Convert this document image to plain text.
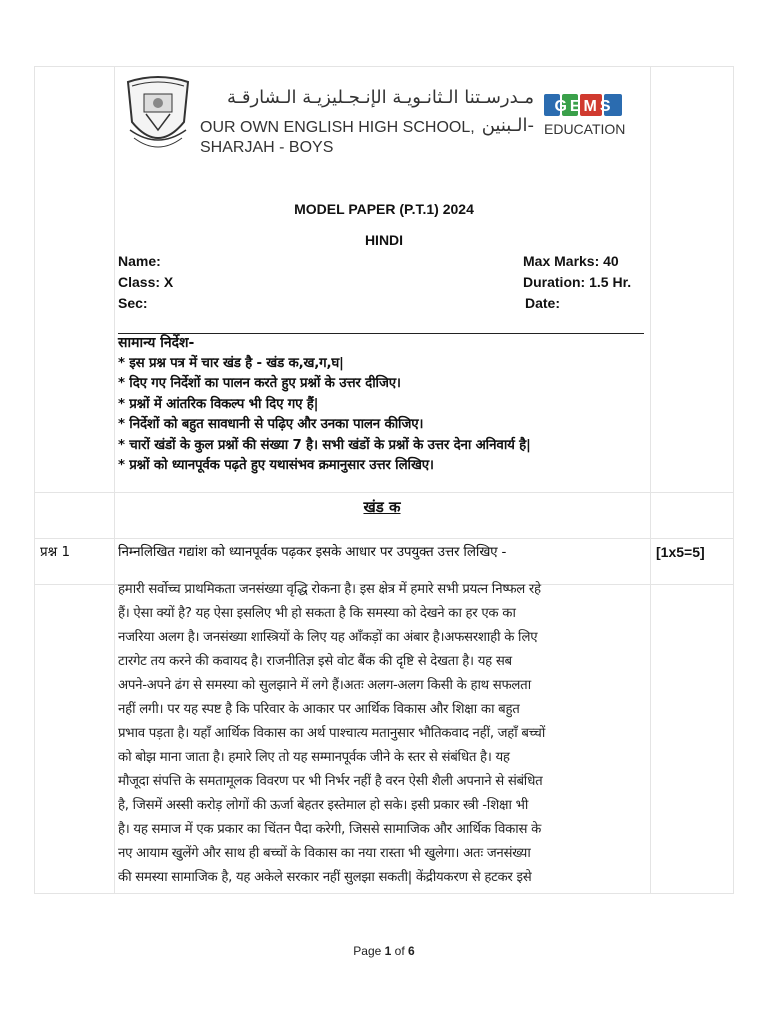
مـدرسـتنا الـثانـويـة الإنـجـليزيـة الـشارقـة -الـبنين
OUR OWN ENGLISH HIGH SCHOOL, SHARJAH - BOYS
GEMS
EDUCATION
MODEL PAPER (P.T.1) 2024
HINDI
Name:
Class: X
Sec:
Max Marks: 40
Duration: 1.5 Hr.
Date:
सामान्य निर्देश-
* इस प्रश्न पत्र में चार खंड है - खंड क,ख,ग,घ|
* दिए गए निर्देशों का पालन करते हुए प्रश्नों के उत्तर दीजिए।
* प्रश्नों में आंतरिक विकल्प भी दिए गए हैं|
* निर्देशों को बहुत सावधानी से पढ़िए और उनका पालन कीजिए।
* चारों खंडों के कुल प्रश्नों की संख्या 7 है। सभी खंडों के प्रश्नों के उत्तर देना अनिवार्य है|
* प्रश्नों को ध्यानपूर्वक पढ़ते हुए यथासंभव क्रमानुसार उत्तर लिखिए।
खंड क
प्रश्न 1	निम्नलिखित गद्यांश को ध्यानपूर्वक पढ़कर इसके आधार पर उपयुक्त उत्तर लिखिए -	[1x5=5]
हमारी सर्वोच्च प्राथमिकता जनसंख्या वृद्धि रोकना है। इस क्षेत्र में हमारे सभी प्रयत्न निष्फल रहे
हैं। ऐसा क्यों है? यह ऐसा इसलिए भी हो सकता है कि समस्या को देखने का हर एक का
नजरिया अलग है। जनसंख्या शास्त्रियों के लिए यह आँकड़ों का अंबार है।अफसरशाही के लिए
टारगेट तय करने की कवायद है। राजनीतिज्ञ इसे वोट बैंक की दृष्टि से देखता है। यह सब
अपने-अपने ढंग से समस्या को सुलझाने में लगे हैं।अतः अलग-अलग किसी के हाथ सफलता
नहीं लगी। पर यह स्पष्ट है कि परिवार के आकार पर आर्थिक विकास और शिक्षा का बहुत
प्रभाव पड़ता है। यहाँ आर्थिक विकास का अर्थ पाश्चात्य मतानुसार भौतिकवाद नहीं, जहाँ बच्चों
को बोझ माना जाता है। हमारे लिए तो यह सम्मानपूर्वक जीने के स्तर से संबंधित है। यह
मौजूदा संपत्ति के समतामूलक विवरण पर भी निर्भर नहीं है वरन ऐसी शैली अपनाने से संबंधित
है, जिसमें अस्सी करोड़ लोगों की ऊर्जा बेहतर इस्तेमाल हो सके। इसी प्रकार स्त्री -शिक्षा भी
है। यह समाज में एक प्रकार का चिंतन पैदा करेगी, जिससे सामाजिक और आर्थिक विकास के
नए आयाम खुलेंगे और साथ ही बच्चों के विकास का नया रास्ता भी खुलेगा। अतः जनसंख्या
की समस्या सामाजिक है, यह अकेले सरकार नहीं सुलझा सकती| केंद्रीयकरण से हटकर इसे
Page 1 of 6
